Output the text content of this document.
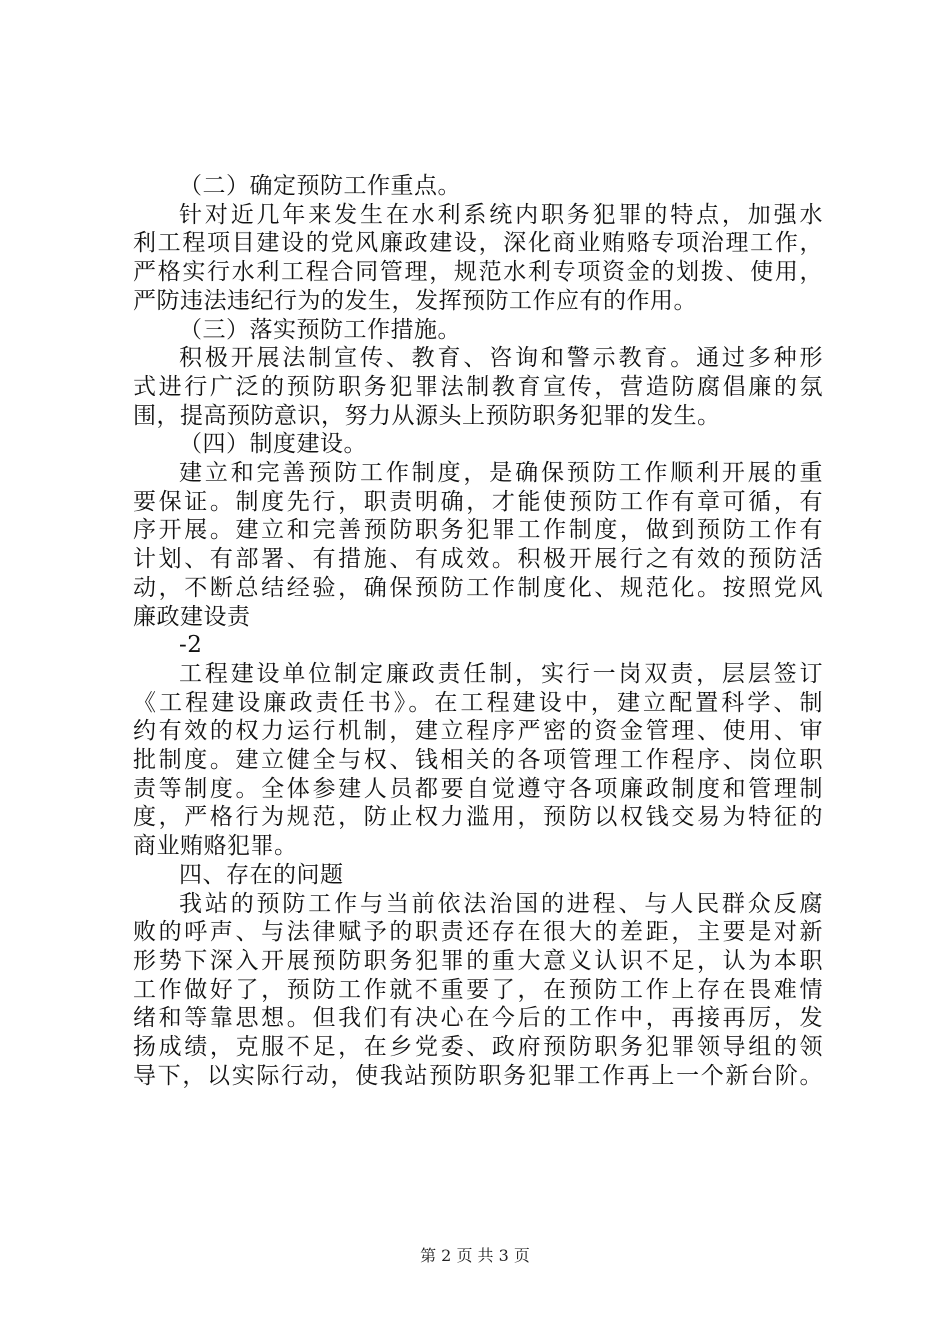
（二）确定预防工作重点。
针对近几年来发生在水利系统内职务犯罪的特点，加强水
利工程项目建设的党风廉政建设，深化商业贿赂专项治理工作，
严格实行水利工程合同管理，规范水利专项资金的划拨、使用，
严防违法违纪行为的发生，发挥预防工作应有的作用。
（三）落实预防工作措施。
积极开展法制宣传、教育、咨询和警示教育。通过多种形
式进行广泛的预防职务犯罪法制教育宣传，营造防腐倡廉的氛
围，提高预防意识，努力从源头上预防职务犯罪的发生。
（四）制度建设。
建立和完善预防工作制度，是确保预防工作顺利开展的重
要保证。制度先行，职责明确，才能使预防工作有章可循，有
序开展。建立和完善预防职务犯罪工作制度，做到预防工作有
计划、有部署、有措施、有成效。积极开展行之有效的预防活
动，不断总结经验，确保预防工作制度化、规范化。按照党风
廉政建设责
-2
工程建设单位制定廉政责任制，实行一岗双责，层层签订
《工程建设廉政责任书》。在工程建设中，建立配置科学、制
约有效的权力运行机制，建立程序严密的资金管理、使用、审
批制度。建立健全与权、钱相关的各项管理工作程序、岗位职
责等制度。全体参建人员都要自觉遵守各项廉政制度和管理制
度，严格行为规范，防止权力滥用，预防以权钱交易为特征的
商业贿赂犯罪。
四、存在的问题
我站的预防工作与当前依法治国的进程、与人民群众反腐
败的呼声、与法律赋予的职责还存在很大的差距，主要是对新
形势下深入开展预防职务犯罪的重大意义认识不足，认为本职
工作做好了，预防工作就不重要了，在预防工作上存在畏难情
绪和等靠思想。但我们有决心在今后的工作中，再接再厉，发
扬成绩，克服不足，在乡党委、政府预防职务犯罪领导组的领
导下，以实际行动，使我站预防职务犯罪工作再上一个新台阶。
第 2 页 共 3 页
